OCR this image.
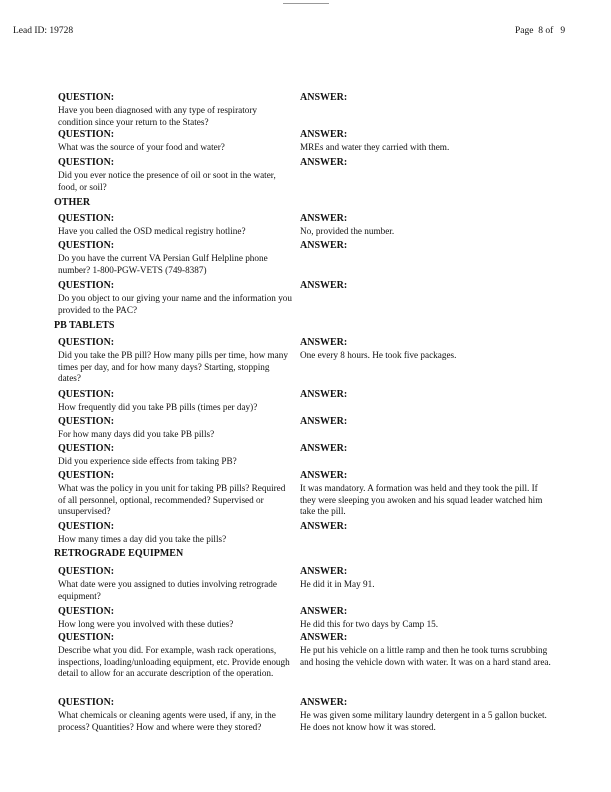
Lead ID: 19728	Page 8 of 9
QUESTION:
Have you been diagnosed with any type of respiratory condition since your return to the States?
ANSWER:
QUESTION:
What was the source of your food and water?
ANSWER:
MREs and water they carried with them.
QUESTION:
Did you ever notice the presence of oil or soot in the water, food, or soil?
ANSWER:
OTHER
QUESTION:
Have you called the OSD medical registry hotline?
ANSWER:
No, provided the number.
QUESTION:
Do you have the current VA Persian Gulf Helpline phone number? 1-800-PGW-VETS (749-8387)
ANSWER:
QUESTION:
Do you object to our giving your name and the information you provided to the PAC?
ANSWER:
PB TABLETS
QUESTION:
Did you take the PB pill? How many pills per time, how many times per day, and for how many days? Starting, stopping dates?
ANSWER:
One every 8 hours. He took five packages.
QUESTION:
How frequently did you take PB pills (times per day)?
ANSWER:
QUESTION:
For how many days did you take PB pills?
ANSWER:
QUESTION:
Did you experience side effects from taking PB?
ANSWER:
QUESTION:
What was the policy in you unit for taking PB pills? Required of all personnel, optional, recommended? Supervised or unsupervised?
ANSWER:
It was mandatory. A formation was held and they took the pill. If they were sleeping you awoken and his squad leader watched him take the pill.
QUESTION:
How many times a day did you take the pills?
ANSWER:
RETROGRADE EQUIPMEN
QUESTION:
What date were you assigned to duties involving retrograde equipment?
ANSWER:
He did it in May 91.
QUESTION:
How long were you involved with these duties?
ANSWER:
He did this for two days by Camp 15.
QUESTION:
Describe what you did. For example, wash rack operations, inspections, loading/unloading equipment, etc. Provide enough detail to allow for an accurate description of the operation.
ANSWER:
He put his vehicle on a little ramp and then he took turns scrubbing and hosing the vehicle down with water. It was on a hard stand area.
QUESTION:
What chemicals or cleaning agents were used, if any, in the process? Quantities? How and where were they stored?
ANSWER:
He was given some military laundry detergent in a 5 gallon bucket. He does not know how it was stored.
